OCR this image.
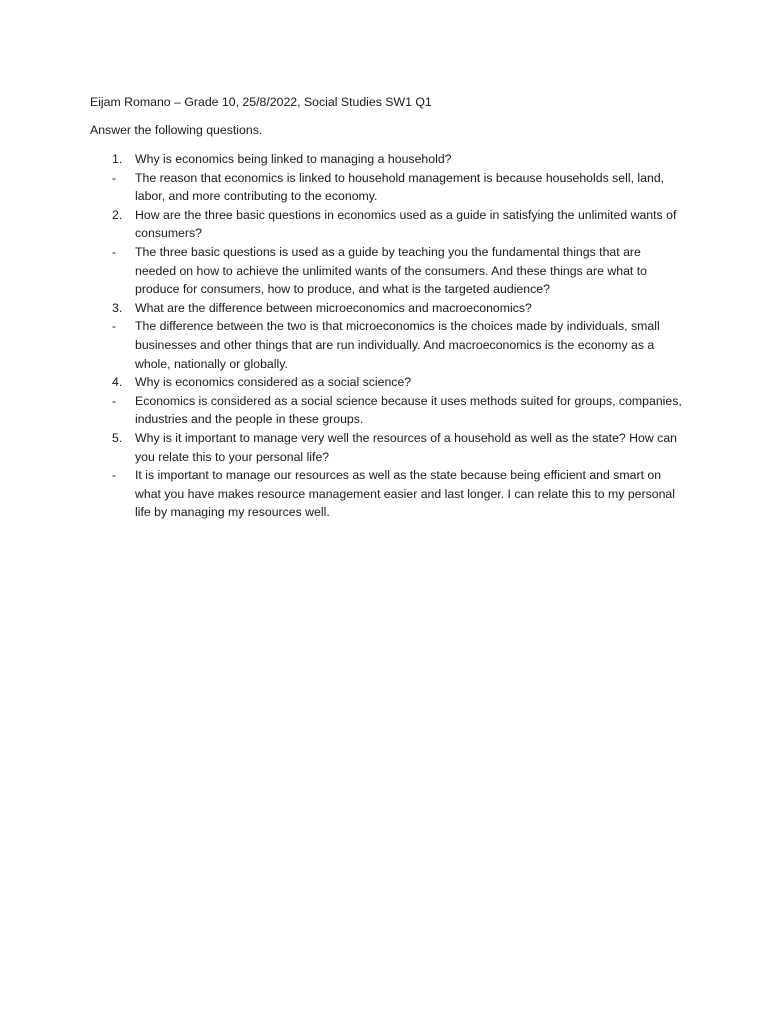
Eijam Romano – Grade 10, 25/8/2022, Social Studies SW1 Q1
Answer the following questions.
1.	Why is economics being linked to managing a household?
-	The reason that economics is linked to household management is because households sell, land, labor, and more contributing to the economy.
2.	How are the three basic questions in economics used as a guide in satisfying the unlimited wants of consumers?
-	The three basic questions is used as a guide by teaching you the fundamental things that are needed on how to achieve the unlimited wants of the consumers. And these things are what to produce for consumers, how to produce, and what is the targeted audience?
3.	What are the difference between microeconomics and macroeconomics?
-	The difference between the two is that microeconomics is the choices made by individuals, small businesses and other things that are run individually. And macroeconomics is the economy as a whole, nationally or globally.
4.	Why is economics considered as a social science?
-	Economics is considered as a social science because it uses methods suited for groups, companies, industries and the people in these groups.
5.	Why is it important to manage very well the resources of a household as well as the state? How can you relate this to your personal life?
-	It is important to manage our resources as well as the state because being efficient and smart on what you have makes resource management easier and last longer. I can relate this to my personal life by managing my resources well.
